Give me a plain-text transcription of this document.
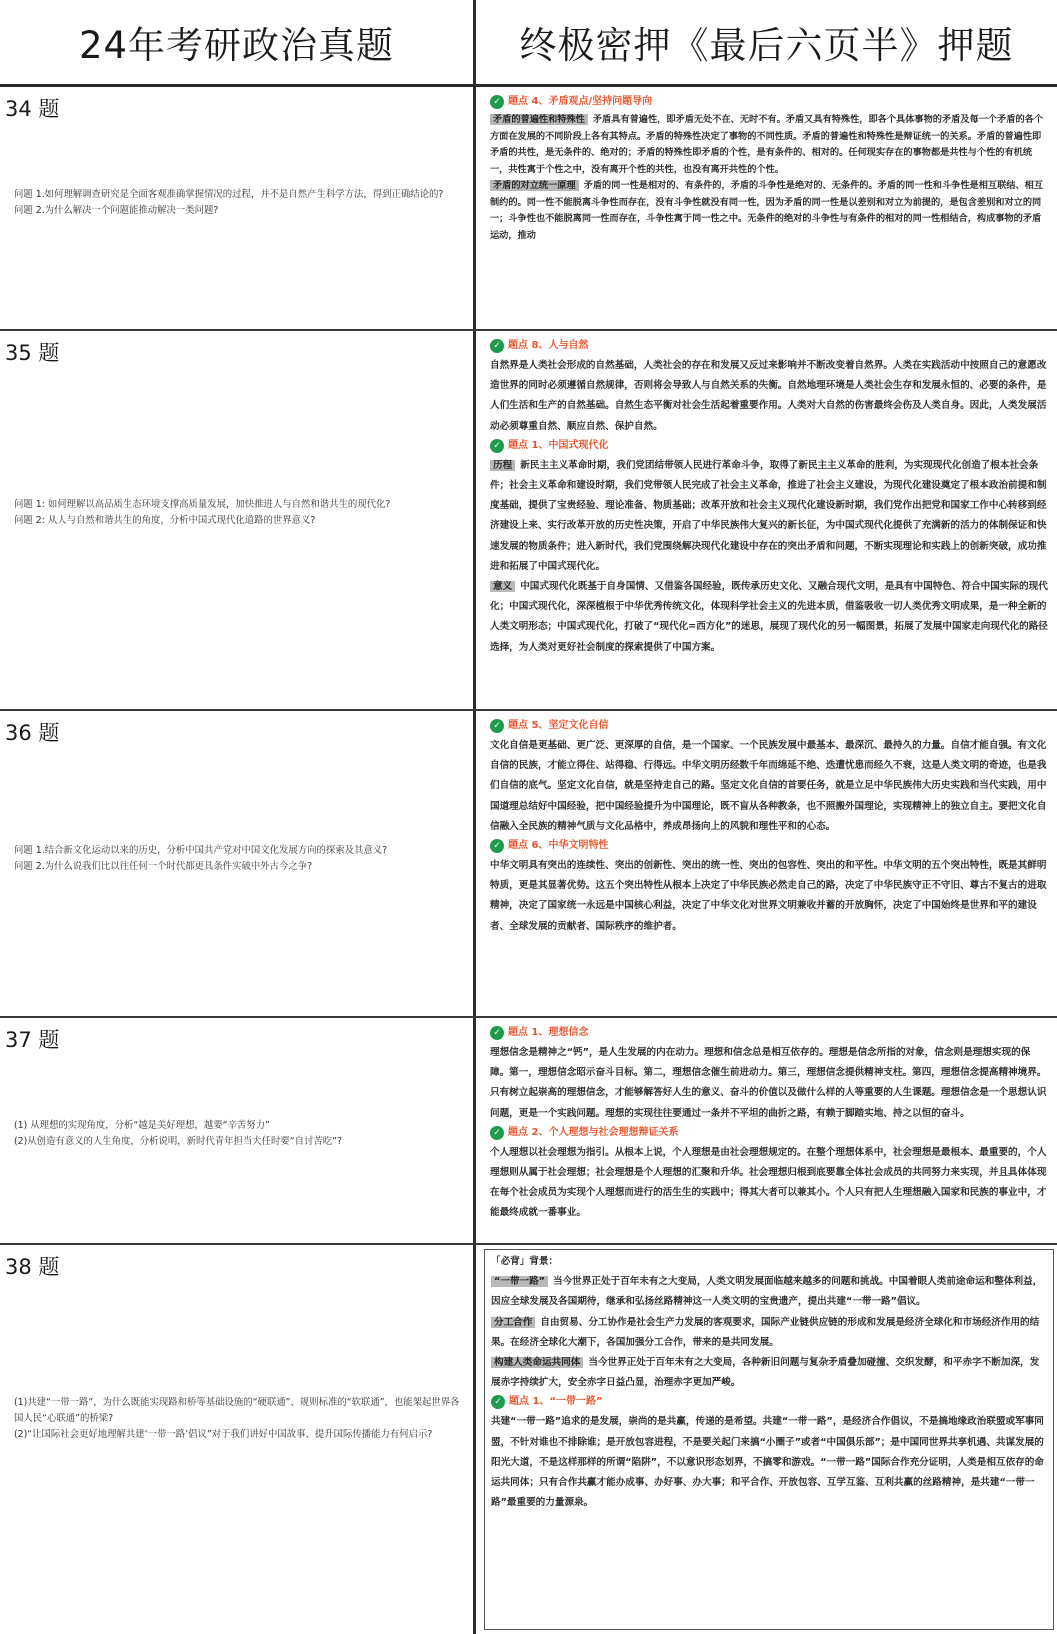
24年考研政治真题	终极密押《最后六页半》押题
34 题
问题 1.如何理解调查研究是全面客观准确掌握情况的过程，并不是自然产生科学方法，得到正确结论的?
问题 2.为什么解决一个问题能推动解决一类问题?
✓ 题点 4、矛盾观点/坚持问题导向
矛盾的普遍性和特殊性 矛盾具有普遍性，即矛盾无处不在、无时不有。矛盾又具有特殊性，即各个具体事物的矛盾及每一个矛盾的各个方面在发展的不同阶段上各有其特点。矛盾的特殊性决定了事物的不同性质。矛盾的普遍性和特殊性是辩证统一的关系。矛盾的普遍性即矛盾的共性，是无条件的、绝对的；矛盾的特殊性即矛盾的个性，是有条件的、相对的。任何现实存在的事物都是共性与个性的有机统一，共性寓于个性之中，没有离开个性的共性，也没有离开共性的个性。
矛盾的对立统一原理 矛盾的同一性是相对的、有条件的，矛盾的斗争性是绝对的、无条件的。矛盾的同一性和斗争性是相互联结、相互制约的。同一性不能脱离斗争性而存在，没有斗争性就没有同一性，因为矛盾的同一性是以差别和对立为前提的，是包含差别和对立的同一；斗争性也不能脱离同一性而存在，斗争性寓于同一性之中。无条件的绝对的斗争性与有条件的相对的同一性相结合，构成事物的矛盾运动，推动
35 题
问题 1: 如何理解以高品质生态环境支撑高质量发展，加快推进人与自然和谐共生的现代化?
问题 2: 从人与自然和谐共生的角度，分析中国式现代化道路的世界意义?
✓ 题点 8、人与自然
自然界是人类社会形成的自然基础，人类社会的存在和发展又反过来影响并不断改变着自然界。人类在实践活动中按照自己的意愿改造世界的同时必须遵循自然规律，否则将会导致人与自然关系的失衡。自然地理环境是人类社会生存和发展永恒的、必要的条件，是人们生活和生产的自然基础。自然生态平衡对社会生活起着重要作用。人类对大自然的伤害最终会伤及人类自身。因此，人类发展活动必须尊重自然、顺应自然、保护自然。
✓ 题点 1、中国式现代化
历程 新民主主义革命时期，我们党团结带领人民进行革命斗争，取得了新民主主义革命的胜利，为实现现代化创造了根本社会条件；社会主义革命和建设时期，我们党带领人民完成了社会主义革命，推进了社会主义建设，为现代化建设奠定了根本政治前提和制度基础，提供了宝贵经验、理论准备、物质基础；改革开放和社会主义现代化建设新时期，我们党作出把党和国家工作中心转移到经济建设上来、实行改革开放的历史性决策，开启了中华民族伟大复兴的新长征，为中国式现代化提供了充满新的活力的体制保证和快速发展的物质条件；进入新时代，我们党围绕解决现代化建设中存在的突出矛盾和问题，不断实现理论和实践上的创新突破，成功推进和拓展了中国式现代化。
意义 中国式现代化既基于自身国情、又借鉴各国经验，既传承历史文化、又融合现代文明，是具有中国特色、符合中国实际的现代化；中国式现代化，深深植根于中华优秀传统文化，体现科学社会主义的先进本质，借鉴吸收一切人类优秀文明成果，是一种全新的人类文明形态；中国式现代化，打破了“现代化=西方化”的迷思，展现了现代化的另一幅图景，拓展了发展中国家走向现代化的路径选择，为人类对更好社会制度的探索提供了中国方案。
36 题
问题 1.结合新文化运动以来的历史，分析中国共产党对中国文化发展方向的探索及其意义?
问题 2.为什么说我们比以往任何一个时代都更具条件实破中外古今之争?
✓ 题点 5、坚定文化自信
文化自信是更基础、更广泛、更深厚的自信，是一个国家、一个民族发展中最基本、最深沉、最持久的力量。自信才能自强。有文化自信的民族，才能立得住、站得稳、行得远。中华文明历经数千年而绵延不绝、迭遭忧患而经久不衰，这是人类文明的奇迹，也是我们自信的底气。坚定文化自信，就是坚持走自己的路。坚定文化自信的首要任务，就是立足中华民族伟大历史实践和当代实践，用中国道理总结好中国经验，把中国经验提升为中国理论，既不盲从各种教条，也不照搬外国理论，实现精神上的独立自主。要把文化自信融入全民族的精神气质与文化品格中，养成昂扬向上的风貌和理性平和的心态。
✓ 题点 6、中华文明特性
中华文明具有突出的连续性、突出的创新性、突出的统一性、突出的包容性、突出的和平性。中华文明的五个突出特性，既是其鲜明特质，更是其显著优势。这五个突出特性从根本上决定了中华民族必然走自己的路，决定了中华民族守正不守旧、尊古不复古的进取精神，决定了国家统一永远是中国核心利益，决定了中华文化对世界文明兼收并蓄的开放胸怀，决定了中国始终是世界和平的建设者、全球发展的贡献者、国际秩序的维护者。
37 题
(1) 从理想的实现角度，分析“越是美好理想，越要“辛苦努力”
(2)从创造有意义的人生角度，分析说明，新时代青年担当大任时要“自讨苦吃”?
✓ 题点 1、理想信念
理想信念是精神之“钙”，是人生发展的内在动力。理想和信念总是相互依存的。理想是信念所指的对象，信念则是理想实现的保障。第一，理想信念昭示奋斗目标。第二，理想信念催生前进动力。第三，理想信念提供精神支柱。第四，理想信念提高精神境界。只有树立起崇高的理想信念，才能够解答好人生的意义、奋斗的价值以及做什么样的人等重要的人生课题。理想信念是一个思想认识问题，更是一个实践问题。理想的实现往往要通过一条并不平坦的曲折之路，有赖于脚踏实地、持之以恒的奋斗。
✓ 题点 2、个人理想与社会理想辩证关系
个人理想以社会理想为指引。从根本上说，个人理想是由社会理想规定的。在整个理想体系中，社会理想是最根本、最重要的，个人理想则从属于社会理想；社会理想是个人理想的汇聚和升华。社会理想归根到底要靠全体社会成员的共同努力来实现，并且具体体现在每个社会成员为实现个人理想而进行的活生生的实践中；得其大者可以兼其小。个人只有把人生理想融入国家和民族的事业中，才能最终成就一番事业。
38 题
(1)共建“一带一路”，为什么既能实现路和桥等基础设施的“硬联通”、规则标准的“软联通”，也能架起世界各国人民“心联通”的桥梁?
(2)“让国际社会更好地理解共建‘一带一路’倡议”对于我们讲好中国故事、提升国际传播能力有何启示?
「必背」背景：
“一带一路” 当今世界正处于百年未有之大变局，人类文明发展面临越来越多的问题和挑战。中国着眼人类前途命运和整体利益，因应全球发展及各国期待，继承和弘扬丝路精神这一人类文明的宝贵遗产，提出共建“一带一路”倡议。
分工合作 自由贸易、分工协作是社会生产力发展的客观要求，国际产业链供应链的形成和发展是经济全球化和市场经济作用的结果。在经济全球化大潮下，各国加强分工合作，带来的是共同发展。
构建人类命运共同体 当今世界正处于百年未有之大变局，各种新旧问题与复杂矛盾叠加碰撞、交织发酵，和平赤字不断加深，发展赤字持续扩大，安全赤字日益凸显，治理赤字更加严峻。
✓ 题点 1、“一带一路”
共建“一带一路”追求的是发展，崇尚的是共赢，传递的是希望。共建“一带一路”，是经济合作倡议，不是搞地缘政治联盟或军事同盟，不针对谁也不排除谁；是开放包容进程，不是要关起门来搞“小圈子”或者“中国俱乐部”；是中国同世界共享机遇、共谋发展的阳光大道，不是这样那样的所谓“陷阱”，不以意识形态划界，不搞零和游戏。“一带一路”国际合作充分证明，人类是相互依存的命运共同体；只有合作共赢才能办成事、办好事、办大事；和平合作、开放包容、互学互鉴、互利共赢的丝路精神，是共建“一带一路”最重要的力量源泉。
